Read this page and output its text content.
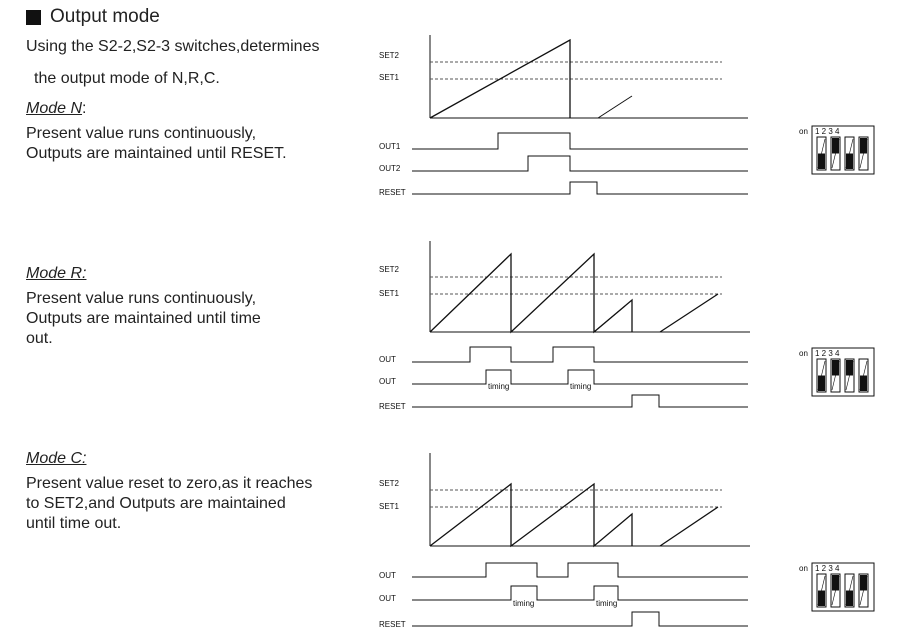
Output mode
Using the S2-2,S2-3 switches,determines
the output mode of N,R,C.
Mode N:
Present value runs continuously,
Outputs are maintained until RESET.
Mode R:
Present value runs continuously,
Outputs are maintained until time
out.
Mode C:
Present value reset to zero,as it reaches
to SET2,and Outputs are maintained
until time out.
SET2
SET1
OUT1
OUT2
RESET
timing	timing
SET2
SET1
OUT
OUT
RESET
timing	timing
SET2
SET1
OUT
OUT
RESET
on 1 2 3 4
on 1 2 3 4
on 1 2 3 4
